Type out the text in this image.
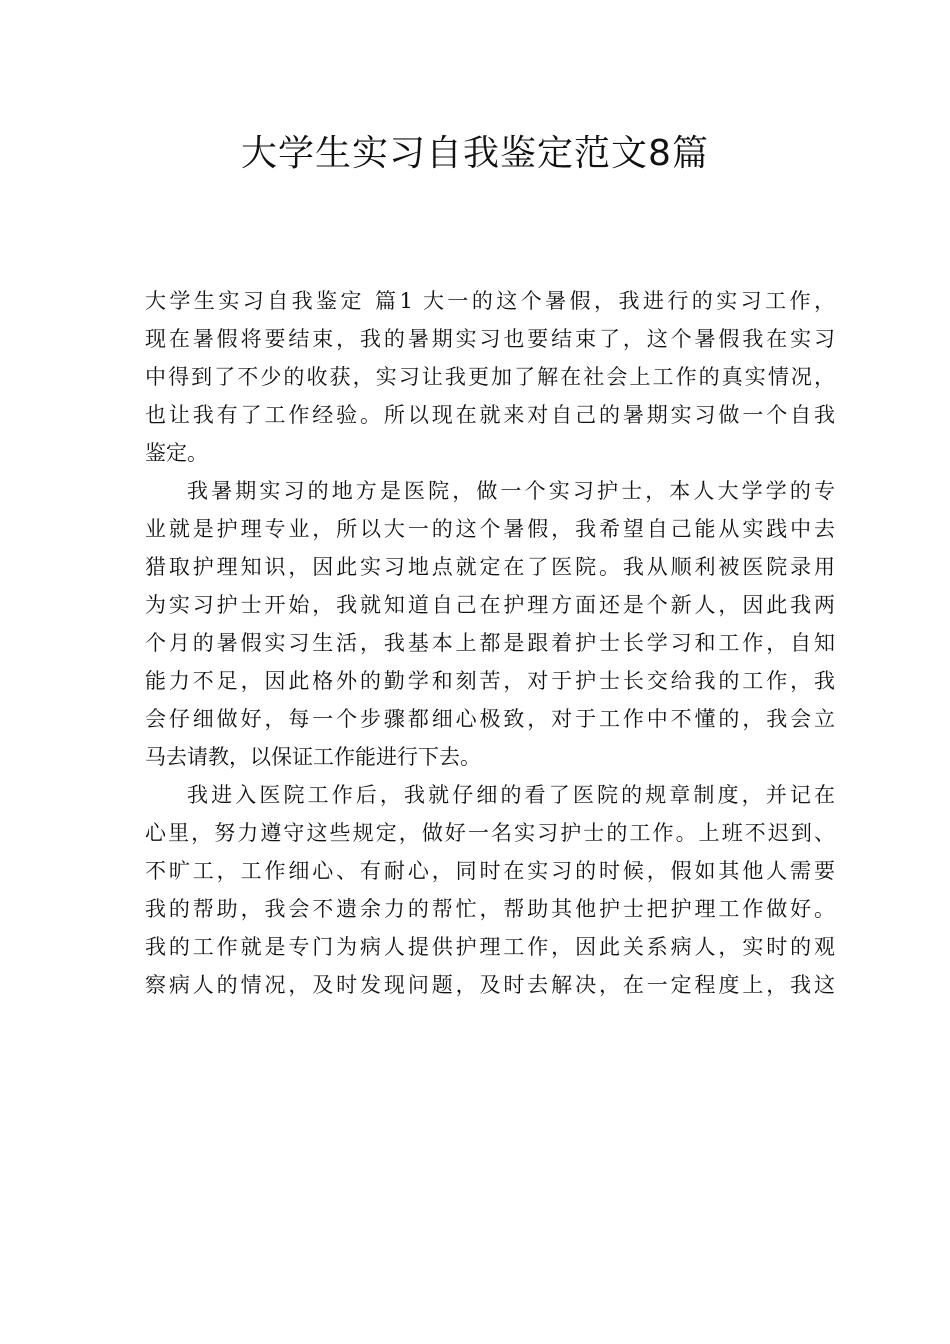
大学生实习自我鉴定范文8篇
大学生实习自我鉴定 篇1 大一的这个暑假，我进行的实习工作，
现在暑假将要结束，我的暑期实习也要结束了，这个暑假我在实习
中得到了不少的收获，实习让我更加了解在社会上工作的真实情况，
也让我有了工作经验。所以现在就来对自己的暑期实习做一个自我
鉴定。
我暑期实习的地方是医院，做一个实习护士，本人大学学的专
业就是护理专业，所以大一的这个暑假，我希望自己能从实践中去
猎取护理知识，因此实习地点就定在了医院。我从顺利被医院录用
为实习护士开始，我就知道自己在护理方面还是个新人，因此我两
个月的暑假实习生活，我基本上都是跟着护士长学习和工作，自知
能力不足，因此格外的勤学和刻苦，对于护士长交给我的工作，我
会仔细做好，每一个步骤都细心极致，对于工作中不懂的，我会立
马去请教，以保证工作能进行下去。
我进入医院工作后，我就仔细的看了医院的规章制度，并记在
心里，努力遵守这些规定，做好一名实习护士的工作。上班不迟到、
不旷工，工作细心、有耐心，同时在实习的时候，假如其他人需要
我的帮助，我会不遗余力的帮忙，帮助其他护士把护理工作做好。
我的工作就是专门为病人提供护理工作，因此关系病人，实时的观
察病人的情况，及时发现问题，及时去解决，在一定程度上，我这
